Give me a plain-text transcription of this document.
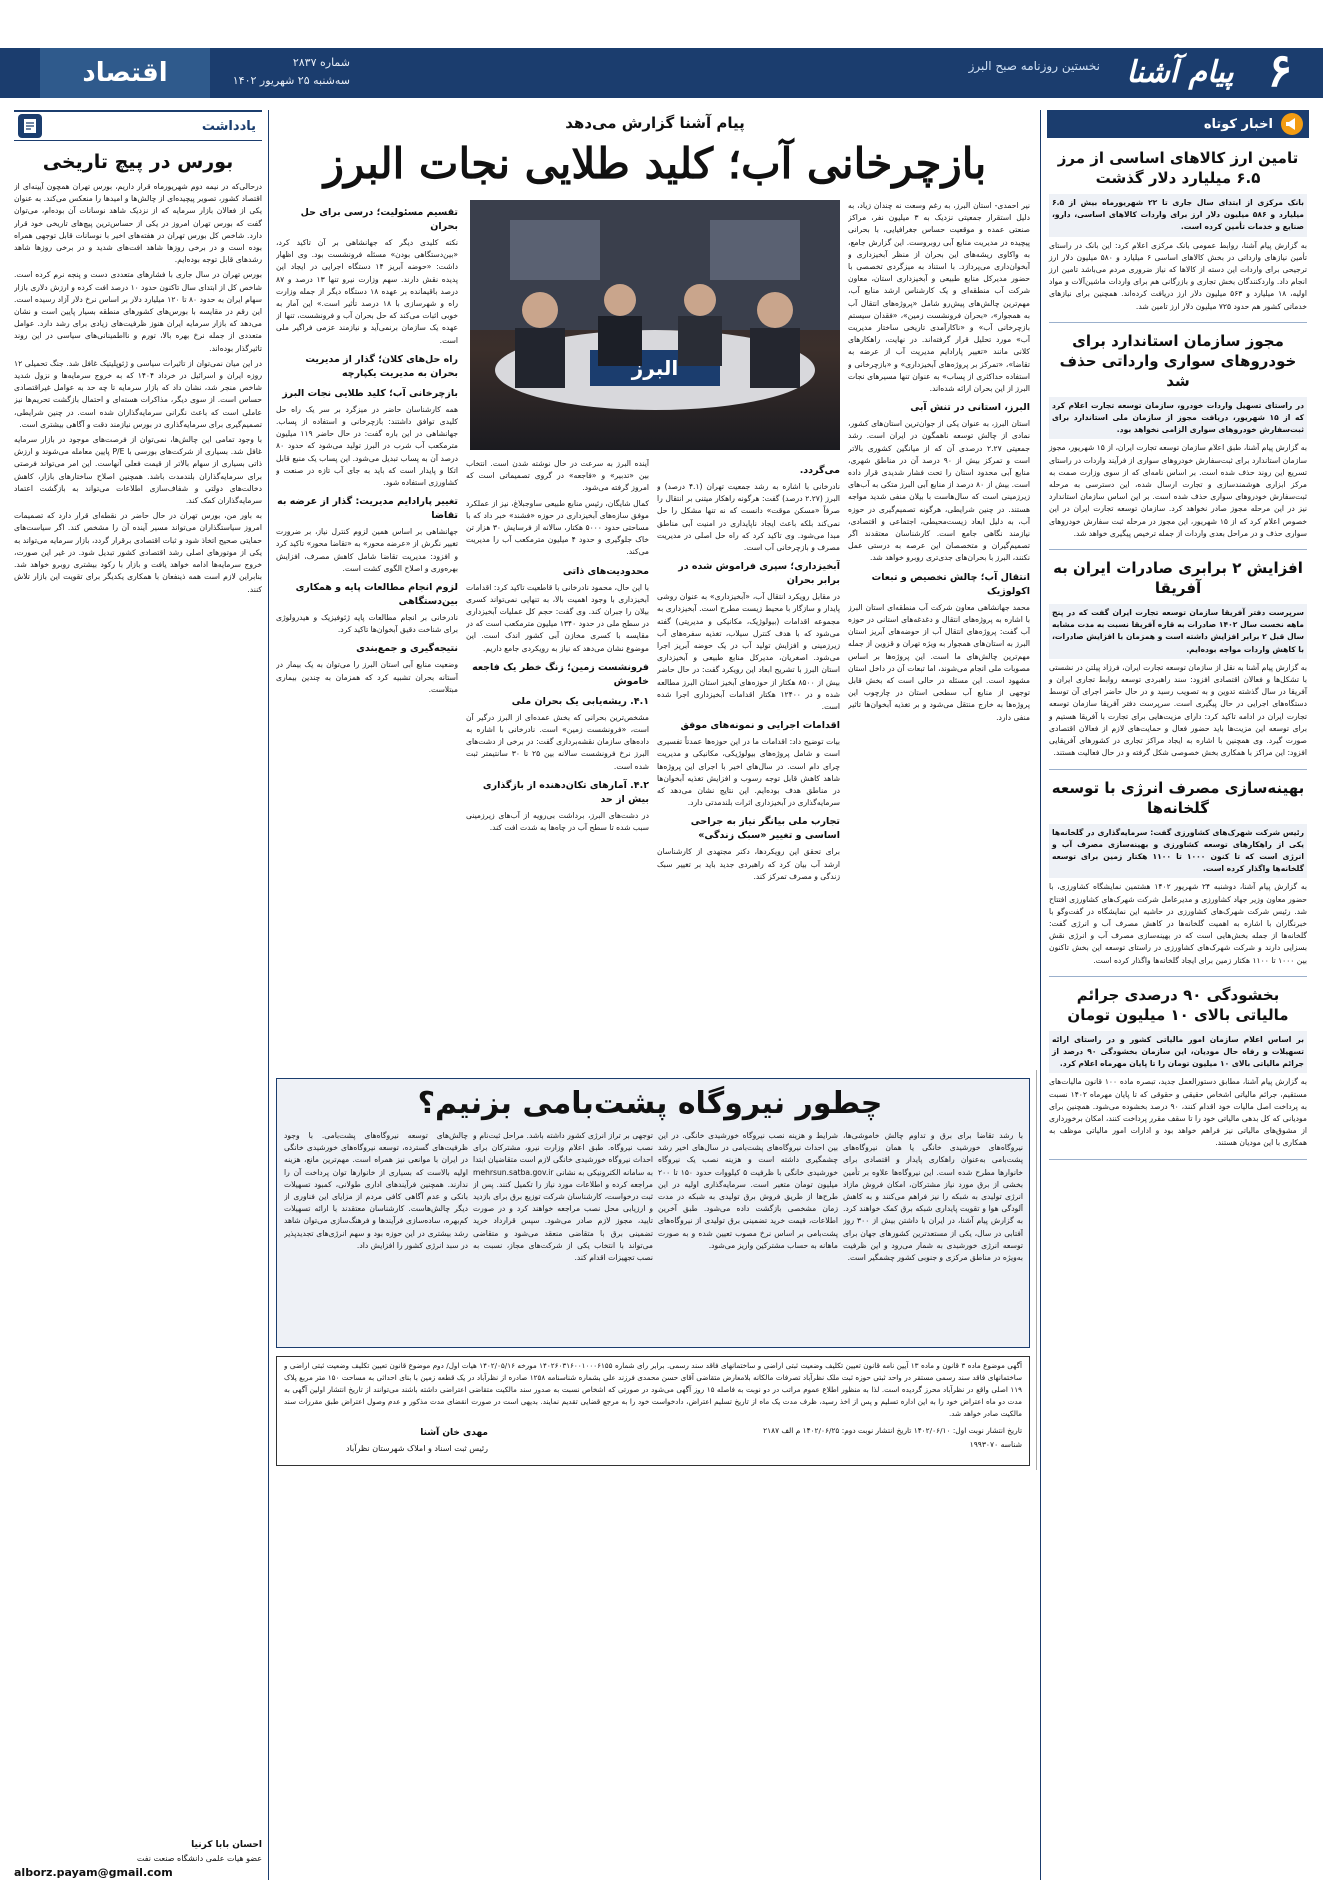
۶
پیام آشنا
نخستین روزنامه صبح البرز
شماره ۲۸۳۷
سه‌شنبه ۲۵ شهریور ۱۴۰۲
اقتصاد
اخبار کوتاه
تامین ارز کالاهای اساسی از مرز ۶.۵ میلیارد دلار گذشت

بانک مرکزی از ابتدای سال جاری تا ۲۲ شهریورماه بیش از ۶.۵ میلیارد و ۵۸۶ میلیون دلار ارز برای واردات کالاهای اساسی، دارو، صنایع و خدمات تأمین کرده است.

به گزارش پیام آشنا، روابط عمومی بانک مرکزی اعلام کرد: این بانک در راستای تأمین نیازهای وارداتی در بخش کالاهای اساسی ۶ میلیارد و ۵۸۰ میلیون دلار ارز ترجیحی برای واردات این دسته از کالاها که نیاز ضروری مردم می‌باشد تامین ارز انجام داد. واردکنندگان بخش تجاری و بازرگانی هم برای واردات ماشین‌آلات و مواد اولیه، ۱۸ میلیارد و ۵۶۳ میلیون دلار ارز دریافت کرده‌اند. همچنین برای نیازهای خدماتی کشور هم حدود ۷۲۵ میلیون دلار ارز تامین شد.

مجوز سازمان استاندارد برای خودروهای سواری وارداتی حذف شد

در راستای تسهیل واردات خودرو، سازمان توسعه تجارت اعلام کرد که از ۱۵ شهریور، دریافت مجوز از سازمان ملی استاندارد برای ثبت‌سفارش خودروهای سواری الزامی نخواهد بود.

به گزارش پیام آشنا، طبق اعلام سازمان توسعه تجارت ایران، از ۱۵ شهریور، مجوز سازمان استاندارد برای ثبت‌سفارش خودروهای سواری از فرآیند واردات در راستای تسریع این روند حذف شده است. بر اساس نامه‌ای که از سوی وزارت صمت به مرکز ابزاری هوشمندسازی و تجارت ارسال شده، این دسترسی به مرحله ثبت‌سفارش خودروهای سواری حذف شده است. بر این اساس سازمان استاندارد نیز در این مرحله مجوز صادر نخواهد کرد. سازمان توسعه تجارت ایران در این خصوص اعلام کرد که از ۱۵ شهریور، این مجوز در مرحله ثبت سفارش خودروهای سواری حذف و در مراحل بعدی واردات از جمله ترخیص پیگیری خواهد شد.

افزایش ۲ برابری صادرات ایران به آفریقا

سرپرست دفتر آفریقا سازمان توسعه تجارت ایران گفت که در پنج ماهه نخست سال ۱۴۰۲ صادرات به قاره آفریقا نسبت به مدت مشابه سال قبل ۲ برابر افزایش داشته است و همزمان با افزایش صادرات، با کاهش واردات مواجه بوده‌ایم.

به گزارش پیام آشنا به نقل از سازمان توسعه تجارت ایران، فرزاد پیلتن در نشستی با تشکل‌ها و فعالان اقتصادی افزود: سند راهبردی توسعه روابط تجاری ایران و آفریقا در سال گذشته تدوین و به تصویب رسید و در حال حاضر اجرای آن توسط دستگاه‌های اجرایی در حال پیگیری است. سرپرست دفتر آفریقا سازمان توسعه تجارت ایران در ادامه تاکید کرد: دارای مزیت‌هایی برای تجارت با آفریقا هستیم و برای توسعه این مزیت‌ها باید حضور فعال و حمایت‌های لازم از فعالان اقتصادی صورت گیرد. وی همچنین با اشاره به ایجاد مراکز تجاری در کشورهای آفریقایی افزود: این مراکز با همکاری بخش خصوصی شکل گرفته و در حال فعالیت هستند.

بهینه‌سازی مصرف انرژی با توسعه گلخانه‌ها

رئیس شرکت شهرک‌های کشاورزی گفت: سرمایه‌گذاری در گلخانه‌ها یکی از راهکارهای توسعه کشاورزی و بهینه‌سازی مصرف آب و انرژی است که تا کنون ۱۰۰۰ تا ۱۱۰۰ هکتار زمین برای توسعه گلخانه‌ها واگذار کرده است.

به گزارش پیام آشنا، دوشنبه ۲۴ شهریور ۱۴۰۲ هشتمین نمایشگاه کشاورزی، با حضور معاون وزیر جهاد کشاورزی و مدیرعامل شرکت شهرک‌های کشاورزی افتتاح شد. رئیس شرکت شهرک‌های کشاورزی در حاشیه این نمایشگاه در گفت‌وگو با خبرنگاران با اشاره به اهمیت گلخانه‌ها در کاهش مصرف آب و انرژی گفت: گلخانه‌ها از جمله بخش‌هایی است که در بهینه‌سازی مصرف آب و انرژی نقش بسزایی دارند و شرکت شهرک‌های کشاورزی در راستای توسعه این بخش تاکنون بین ۱۰۰۰ تا ۱۱۰۰ هکتار زمین برای ایجاد گلخانه‌ها واگذار کرده است.

بخشودگی ۹۰ درصدی جرائم مالیاتی بالای ۱۰ میلیون تومان

بر اساس اعلام سازمان امور مالیاتی کشور و در راستای ارائه تسهیلات و رفاه حال مودیان، این سازمان بخشودگی ۹۰ درصد از جرائم مالیاتی بالای ۱۰ میلیون تومان را تا پایان مهرماه اعلام کرد.

به گزارش پیام آشنا، مطابق دستورالعمل جدید، تبصره ماده ۱۰۰ قانون مالیات‌های مستقیم، جرائم مالیاتی اشخاص حقیقی و حقوقی که تا پایان مهرماه ۱۴۰۲ نسبت به پرداخت اصل مالیات خود اقدام کنند، ۹۰ درصد بخشوده می‌شود. همچنین برای مودیانی که کل بدهی مالیاتی خود را تا سقف مقرر پرداخت کنند، امکان برخورداری از مشوق‌های مالیاتی نیز فراهم خواهد بود و ادارات امور مالیاتی موظف به همکاری با این مودیان هستند.

یادداشت
بورس در پیچ تاریخی

درحالی‌که در نیمه دوم شهریورماه قرار داریم، بورس تهران همچون آیینه‌ای از اقتصاد کشور، تصویر پیچیده‌ای از چالش‌ها و امیدها را منعکس می‌کند. به عنوان یکی از فعالان بازار سرمایه که از نزدیک شاهد نوسانات آن بوده‌ام، می‌توان گفت که بورس تهران امروز در یکی از حساس‌ترین پیچ‌های تاریخی خود قرار دارد. شاخص کل بورس تهران در هفته‌های اخیر با نوسانات قابل توجهی همراه بوده است و در برخی روزها شاهد افت‌های شدید و در برخی روزها شاهد رشدهای قابل توجه بوده‌ایم.

بورس تهران در سال جاری با فشارهای متعددی دست و پنجه نرم کرده است. شاخص کل از ابتدای سال تاکنون حدود ۱۰ درصد افت کرده و ارزش دلاری بازار سهام ایران به حدود ۸۰ تا ۱۲۰ میلیارد دلار بر اساس نرخ دلار آزاد رسیده است. این رقم در مقایسه با بورس‌های کشورهای منطقه بسیار پایین است و نشان می‌دهد که بازار سرمایه ایران هنوز ظرفیت‌های زیادی برای رشد دارد. عوامل متعددی از جمله نرخ بهره بالا، تورم و نااطمینانی‌های سیاسی در این روند تاثیرگذار بوده‌اند.

در این میان نمی‌توان از تاثیرات سیاسی و ژئوپلیتیک غافل شد. جنگ تحمیلی ۱۲ روزه ایران و اسرائیل در خرداد ۱۴۰۴ که به خروج سرمایه‌ها و نزول شدید شاخص منجر شد، نشان داد که بازار سرمایه تا چه حد به عوامل غیراقتصادی حساس است. از سوی دیگر، مذاکرات هسته‌ای و احتمال بازگشت تحریم‌ها نیز عاملی است که باعث نگرانی سرمایه‌گذاران شده است. در چنین شرایطی، تصمیم‌گیری برای سرمایه‌گذاری در بورس نیازمند دقت و آگاهی بیشتری است.

با وجود تمامی این چالش‌ها، نمی‌توان از فرصت‌های موجود در بازار سرمایه غافل شد. بسیاری از شرکت‌های بورسی با P/E پایین معامله می‌شوند و ارزش ذاتی بسیاری از سهام بالاتر از قیمت فعلی آنهاست. این امر می‌تواند فرصتی برای سرمایه‌گذاران بلندمدت باشد. همچنین اصلاح ساختارهای بازار، کاهش دخالت‌های دولتی و شفاف‌سازی اطلاعات می‌تواند به بازگشت اعتماد سرمایه‌گذاران کمک کند.

به باور من، بورس تهران در حال حاضر در نقطه‌ای قرار دارد که تصمیمات امروز سیاستگذاران می‌تواند مسیر آینده آن را مشخص کند. اگر سیاست‌های حمایتی صحیح اتخاذ شود و ثبات اقتصادی برقرار گردد، بازار سرمایه می‌تواند به یکی از موتورهای اصلی رشد اقتصادی کشور تبدیل شود. در غیر این صورت، خروج سرمایه‌ها ادامه خواهد یافت و بازار با رکود بیشتری روبرو خواهد شد. بنابراین لازم است همه ذینفعان با همکاری یکدیگر برای تقویت این بازار تلاش کنند.

احسان بابا کرنیا
عضو هیات علمی دانشگاه صنعت نفت
alborz.payam@gmail.com
پیام آشنا گزارش می‌دهد
بازچرخانی آب؛ کلید طلایی نجات البرز
البرز

نیر احمدی- استان البرز، به رغم وسعت نه چندان زیاد، به دلیل استقرار جمعیتی نزدیک به ۳ میلیون نفر، مراکز صنعتی عمده و موقعیت حساس جغرافیایی، با بحرانی پیچیده در مدیریت منابع آبی روبروست. این گزارش جامع، به واکاوی ریشه‌های این بحران از منظر آبخیزداری و آبخوان‌داری می‌پردازد. با استناد به میزگردی تخصصی با حضور مدیرکل منابع طبیعی و آبخیزداری استان، معاون شرکت آب منطقه‌ای و یک کارشناس ارشد منابع آب، مهم‌ترین چالش‌های پیش‌رو شامل «پروژه‌های انتقال آب به همجوار»، «بحران فرونشست زمین»، «فقدان سیستم بازچرخانی آب» و «ناکارآمدی تاریخی ساختار مدیریت آب» مورد تحلیل قرار گرفته‌اند. در نهایت، راهکارهای کلانی مانند «تغییر پارادایم مدیریت آب از عرضه به تقاضا»، «تمرکز بر پروژه‌های آبخیزداری» و «بازچرخانی و استفاده حداکثری از پساب» به عنوان تنها مسیرهای نجات البرز از این بحران ارائه شده‌اند.

البرز، استانی در تنش آبی

استان البرز، به عنوان یکی از جوان‌ترین استان‌های کشور، نمادی از چالش توسعه ناهمگون در ایران است. رشد جمعیتی ۲.۲۷ درصدی آن که از میانگین کشوری بالاتر است و تمرکز بیش از ۹۰ درصد آن در مناطق شهری، منابع آبی محدود استان را تحت فشار شدیدی قرار داده است. بیش از ۸۰ درصد از منابع آبی البرز متکی به آب‌های زیرزمینی است که سال‌هاست با بیلان منفی شدید مواجه هستند. در چنین شرایطی، هرگونه تصمیم‌گیری در حوزه آب، به دلیل ابعاد زیست‌محیطی، اجتماعی و اقتصادی، نیازمند نگاهی جامع است. کارشناسان معتقدند اگر تصمیم‌گیران و متخصصان این عرصه به درستی عمل نکنند، البرز با بحران‌های جدی‌تری روبرو خواهد شد.

انتقال آب؛ چالش تخصیص و تبعات اکولوژیک

محمد جهانشاهی معاون شرکت آب منطقه‌ای استان البرز با اشاره به پروژه‌های انتقال و دغدغه‌های استانی در حوزه آب گفت: پروژه‌های انتقال آب از حوضه‌های آبریز استان البرز به استان‌های همجوار به ویژه تهران و قزوین از جمله مهم‌ترین چالش‌های ما است. این پروژه‌ها بر اساس مصوبات ملی انجام می‌شوند، اما تبعات آن در داخل استان مشهود است. این مسئله در حالی است که بخش قابل توجهی از منابع آب سطحی استان در چارچوب این پروژه‌ها به خارج منتقل می‌شود و بر تغذیه آبخوان‌ها تاثیر منفی دارد.

می‌گردد.

نادرخانی با اشاره به رشد جمعیت تهران (۴.۱ درصد) و البرز (۲.۲۷ درصد) گفت: هرگونه راهکار میتنی بر انتقال را صرفاً «مسکن موقت» دانست که نه تنها مشکل را حل نمی‌کند بلکه باعث ایجاد ناپایداری در امنیت آبی مناطق مبدا می‌شود. وی تاکید کرد که راه حل اصلی در مدیریت مصرف و بازچرخانی آب است.

آبخیزداری؛ سپری فراموش شده در برابر بحران

در مقابل رویکرد انتقال آب، «آبخیزداری» به عنوان روشی پایدار و سازگار با محیط زیست مطرح است. آبخیزداری به مجموعه اقدامات (بیولوژیک، مکانیکی و مدیریتی) گفته می‌شود که با هدف کنترل سیلاب، تغذیه سفره‌های آب زیرزمینی و افزایش تولید آب در یک حوضه آبریز اجرا می‌شود. اصغریان، مدیرکل منابع طبیعی و آبخیزداری استان البرز با تشریح ابعاد این رویکرد گفت: در حال حاضر بیش از ۸۵۰۰ هکتار از حوزه‌های آبخیز استان البرز مطالعه شده و در ۱۲۴۰۰ هکتار اقدامات آبخیزداری اجرا شده است.

اقدامات اجرایی و نمونه‌های موفق

بیات توضیح داد: اقدامات ما در این حوزه‌ها عمدتاً تفسیری است و شامل پروژه‌های بیولوژیکی، مکانیکی و مدیریت چرای دام است. در سال‌های اخیر با اجرای این پروژه‌ها شاهد کاهش قابل توجه رسوب و افزایش تغذیه آبخوان‌ها در مناطق هدف بوده‌ایم. این نتایج نشان می‌دهد که سرمایه‌گذاری در آبخیزداری اثرات بلندمدتی دارد.

تجارب ملی بیانگر نیاز به جراحی اساسی و تغییر «سبک زندگی»

برای تحقق این رویکردها، دکتر مجتهدی از کارشناسان ارشد آب بیان کرد که راهبردی جدید باید بر تغییر سبک زندگی و مصرف تمرکز کند.

آینده البرز به سرعت در حال نوشته شدن است. انتخاب بین «تدبیر» و «فاجعه» در گروی تصمیماتی است که امروز گرفته می‌شود.

کمال شایگان، رئیس منابع طبیعی ساوجبلاغ، نیز از عملکرد موفق سازه‌های آبخیزداری در حوزه «فشند» خبر داد که با مساحتی حدود ۵۰۰۰ هکتار، سالانه از فرسایش ۳۰ هزار تن خاک جلوگیری و حدود ۴ میلیون مترمکعب آب را مدیریت می‌کند.

محدودیت‌های ذاتی

با این حال، محمود نادرخانی با قاطعیت تاکید کرد: اقدامات آبخیزداری با وجود اهمیت بالا، به تنهایی نمی‌تواند کسری بیلان را جبران کند. وی گفت: حجم کل عملیات آبخیزداری در سطح ملی در حدود ۱۳۴۰ میلیون مترمکعب است که در مقایسه با کسری مخازن آبی کشور اندک است. این موضوع نشان می‌دهد که نیاز به رویکردی جامع داریم.

فرونشست زمین؛ زنگ خطر یک فاجعه خاموش
۴.۱. ریشه‌یابی یک بحران ملی

مشخص‌ترین بحرانی که بخش عمده‌ای از البرز درگیر آن است، «فرونشست زمین» است. نادرخانی با اشاره به داده‌های سازمان نقشه‌برداری گفت: در برخی از دشت‌های البرز نرخ فرونشست سالانه بین ۲۵ تا ۳۰ سانتیمتر ثبت شده است.

۴.۲. آمارهای تکان‌دهنده از بازگذاری بیش از حد

در دشت‌های البرز، برداشت بی‌رویه از آب‌های زیرزمینی سبب شده تا سطح آب در چاه‌ها به شدت افت کند.

تقسیم مسئولیت؛ درسی برای حل بحران

نکته کلیدی دیگر که جهانشاهی بر آن تاکید کرد، «بین‌دستگاهی بودن» مسئله فرونشست بود. وی اظهار داشت: «حوضه آبریز ۱۴ دستگاه اجرایی در ایجاد این پدیده نقش دارند. سهم وزارت نیرو تنها ۱۳ درصد و ۸۷ درصد باقیمانده بر عهده ۱۸ دستگاه دیگر از جمله وزارت راه و شهرسازی با ۱۸ درصد تأثیر است.» این آمار به خوبی اثبات می‌کند که حل بحران آب و فرونشست، تنها از عهده یک سازمان برنمی‌آید و نیازمند عزمی فراگیر ملی است.

راه حل‌های کلان؛ گذار از مدیریت بحران به مدیریت یکپارچه
بازچرخانی آب؛ کلید طلایی نجات البرز

همه کارشناسان حاضر در میزگرد بر سر یک راه حل کلیدی توافق داشتند: بازچرخانی و استفاده از پساب. جهانشاهی در این باره گفت: در حال حاضر ۱۱۹ میلیون مترمکعب آب شرب در البرز تولید می‌شود که حدود ۸۰ درصد آن به پساب تبدیل می‌شود. این پساب یک منبع قابل اتکا و پایدار است که باید به جای آب تازه در صنعت و کشاورزی استفاده شود.

تغییر پارادایم مدیریت: گذار از عرضه به تقاضا

جهانشاهی بر اساس همین لزوم کنترل نیاز، بر ضرورت تغییر نگرش از «عرضه محور» به «تقاضا محور» تاکید کرد و افزود: مدیریت تقاضا شامل کاهش مصرف، افزایش بهره‌وری و اصلاح الگوی کشت است.

لزوم انجام مطالعات پایه و همکاری بین‌دستگاهی

نادرخانی بر انجام مطالعات پایه ژئوفیزیک و هیدرولوژی برای شناخت دقیق آبخوان‌ها تاکید کرد.

نتیجه‌گیری و جمع‌بندی

وضعیت منابع آبی استان البرز را می‌توان به یک بیمار در آستانه بحران تشبیه کرد که همزمان به چندین بیماری مبتلاست.

چطور نیروگاه پشت‌بامی بزنیم؟

با رشد تقاضا برای برق و تداوم چالش خاموشی‌ها، نیروگاه‌های خورشیدی خانگی یا همان نیروگاه‌های پشت‌بامی به‌عنوان راهکاری پایدار و اقتصادی برای خانوارها مطرح شده است. این نیروگاه‌ها علاوه بر تأمین بخشی از برق مورد نیاز مشترکان، امکان فروش مازاد انرژی تولیدی به شبکه را نیز فراهم می‌کنند و به کاهش آلودگی هوا و تقویت پایداری شبکه برق کمک خواهند کرد. به گزارش پیام آشنا، در ایران با داشتن بیش از ۳۰۰ روز آفتابی در سال، یکی از مستعدترین کشورهای جهان برای توسعه انرژی خورشیدی به شمار می‌رود و این ظرفیت به‌ویژه در مناطق مرکزی و جنوبی کشور چشمگیر است.

شرایط و هزینه نصب نیروگاه خورشیدی خانگی. در این بین احداث نیروگاه‌های پشت‌بامی در سال‌های اخیر رشد چشمگیری داشته است و هزینه نصب یک نیروگاه خورشیدی خانگی با ظرفیت ۵ کیلووات حدود ۱۵۰ تا ۲۰۰ میلیون تومان متغیر است. سرمایه‌گذاری اولیه در این طرح‌ها از طریق فروش برق تولیدی به شبکه در مدت زمان مشخصی بازگشت داده می‌شود. طبق آخرین اطلاعات، قیمت خرید تضمینی برق تولیدی از نیروگاه‌های پشت‌بامی بر اساس نرخ مصوب تعیین شده و به صورت ماهانه به حساب مشترکین واریز می‌شود.

توجهی بر تراز انرژی کشور داشته باشد. مراحل ثبت‌نام و نصب نیروگاه. طبق اعلام وزارت نیرو، مشترکان برای احداث نیروگاه خورشیدی خانگی لازم است متقاضیان ابتدا به سامانه الکترونیکی به نشانی mehrsun.satba.gov.ir مراجعه کرده و اطلاعات مورد نیاز را تکمیل کنند. پس از ثبت درخواست، کارشناسان شرکت توزیع برق برای بازدید و ارزیابی محل نصب مراجعه خواهند کرد و در صورت تایید، مجوز لازم صادر می‌شود. سپس قرارداد خرید تضمینی برق با متقاضی منعقد می‌شود و متقاضی می‌تواند با انتخاب یکی از شرکت‌های مجاز، نسبت به نصب تجهیزات اقدام کند.

چالش‌های توسعه نیروگاه‌های پشت‌بامی. با وجود ظرفیت‌های گسترده، توسعه نیروگاه‌های خورشیدی خانگی در ایران با موانعی نیز همراه است. مهم‌ترین مانع، هزینه اولیه بالاست که بسیاری از خانوارها توان پرداخت آن را ندارند. همچنین فرآیندهای اداری طولانی، کمبود تسهیلات بانکی و عدم آگاهی کافی مردم از مزایای این فناوری از دیگر چالش‌هاست. کارشناسان معتقدند با ارائه تسهیلات کم‌بهره، ساده‌سازی فرآیندها و فرهنگ‌سازی می‌توان شاهد رشد بیشتری در این حوزه بود و سهم انرژی‌های تجدیدپذیر در سبد انرژی کشور را افزایش داد.

آگهی موضوع ماده ۳ قانون و ماده ۱۳ آیین نامه قانون تعیین تکلیف وضعیت ثبتی اراضی و ساختمانهای فاقد سند رسمی. برابر رای شماره ۱۴۰۲۶۰۳۱۶۰۰۱۰۰۰۶۱۵۵ مورخه ۱۴۰۲/۰۵/۱۶ هیات اول/ دوم موضوع قانون تعیین تکلیف وضعیت ثبتی اراضی و ساختمانهای فاقد سند رسمی مستقر در واحد ثبتی حوزه ثبت ملک نظرآباد تصرفات مالکانه بلامعارض متقاضی آقای حسن محمدی فرزند علی بشماره شناسنامه ۱۲۵۸ صادره از نظرآباد در یک قطعه زمین با بنای احداثی به مساحت ۱۵۰ متر مربع پلاک ۱۱۹ اصلی واقع در نظرآباد محرز گردیده است. لذا به منظور اطلاع عموم مراتب در دو نوبت به فاصله ۱۵ روز آگهی می‌شود در صورتی که اشخاص نسبت به صدور سند مالکیت متقاضی اعتراضی داشته باشند می‌توانند از تاریخ انتشار اولین آگهی به مدت دو ماه اعتراض خود را به این اداره تسلیم و پس از اخذ رسید، ظرف مدت یک ماه از تاریخ تسلیم اعتراض، دادخواست خود را به مرجع قضایی تقدیم نمایند. بدیهی است در صورت انقضای مدت مذکور و عدم وصول اعتراض طبق مقررات سند مالکیت صادر خواهد شد.
تاریخ انتشار نوبت اول: ۱۴۰۲/۰۶/۱۰ تاریخ انتشار نوبت دوم: ۱۴۰۲/۰۶/۲۵ م الف ۲۱۸۷
شناسه ۱۹۹۳۰۷۰
مهدی خان آشنا
رئیس ثبت اسناد و املاک شهرستان نظرآباد
